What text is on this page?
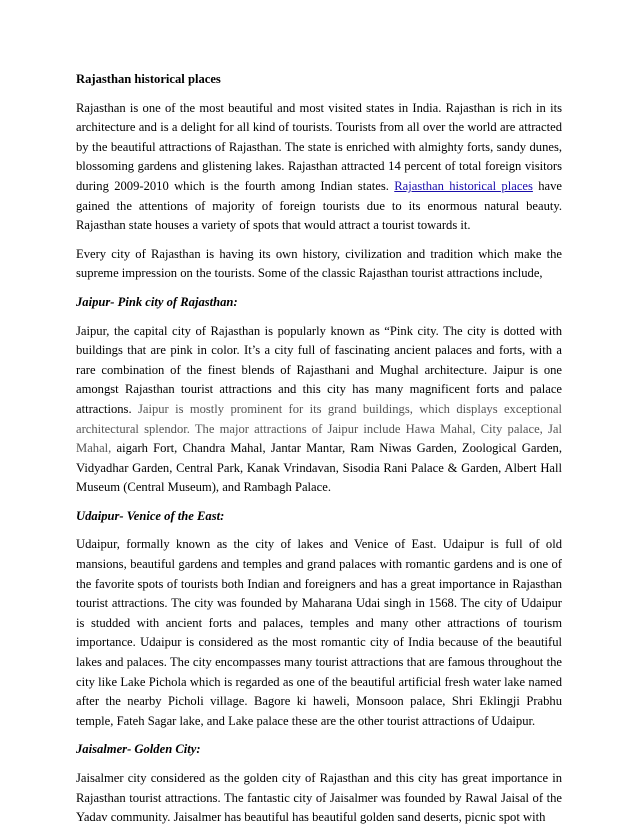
Rajasthan historical places

Rajasthan is one of the most beautiful and most visited states in India. Rajasthan is rich in its architecture and is a delight for all kind of tourists. Tourists from all over the world are attracted by the beautiful attractions of Rajasthan. The state is enriched with almighty forts, sandy dunes, blossoming gardens and glistening lakes. Rajasthan attracted 14 percent of total foreign visitors during 2009-2010 which is the fourth among Indian states. Rajasthan historical places have gained the attentions of majority of foreign tourists due to its enormous natural beauty. Rajasthan state houses a variety of spots that would attract a tourist towards it.

Every city of Rajasthan is having its own history, civilization and tradition which make the supreme impression on the tourists. Some of the classic Rajasthan tourist attractions include,

Jaipur- Pink city of Rajasthan:

Jaipur, the capital city of Rajasthan is popularly known as “Pink city. The city is dotted with buildings that are pink in color. It’s a city full of fascinating ancient palaces and forts, with a rare combination of the finest blends of Rajasthani and Mughal architecture. Jaipur is one amongst Rajasthan tourist attractions and this city has many magnificent forts and palace attractions. Jaipur is mostly prominent for its grand buildings, which displays exceptional architectural splendor. The major attractions of Jaipur include Hawa Mahal, City palace, Jal Mahal, aigarh Fort, Chandra Mahal, Jantar Mantar, Ram Niwas Garden, Zoological Garden, Vidyadhar Garden, Central Park, Kanak Vrindavan, Sisodia Rani Palace & Garden, Albert Hall Museum (Central Museum), and Rambagh Palace.

Udaipur- Venice of the East:

Udaipur, formally known as the city of lakes and Venice of East. Udaipur is full of old mansions, beautiful gardens and temples and grand palaces with romantic gardens and is one of the favorite spots of tourists both Indian and foreigners and has a great importance in Rajasthan tourist attractions. The city was founded by Maharana Udai singh in 1568. The city of Udaipur is studded with ancient forts and palaces, temples and many other attractions of tourism importance. Udaipur is considered as the most romantic city of India because of the beautiful lakes and palaces. The city encompasses many tourist attractions that are famous throughout the city like Lake Pichola which is regarded as one of the beautiful artificial fresh water lake named after the nearby Picholi village. Bagore ki haweli, Monsoon palace, Shri Eklingji Prabhu temple, Fateh Sagar lake, and Lake palace these are the other tourist attractions of Udaipur.

Jaisalmer- Golden City:

Jaisalmer city considered as the golden city of Rajasthan and this city has great importance in Rajasthan tourist attractions. The fantastic city of Jaisalmer was founded by Rawal Jaisal of the Yadav community. Jaisalmer has beautiful has beautiful golden sand deserts, picnic spot with
